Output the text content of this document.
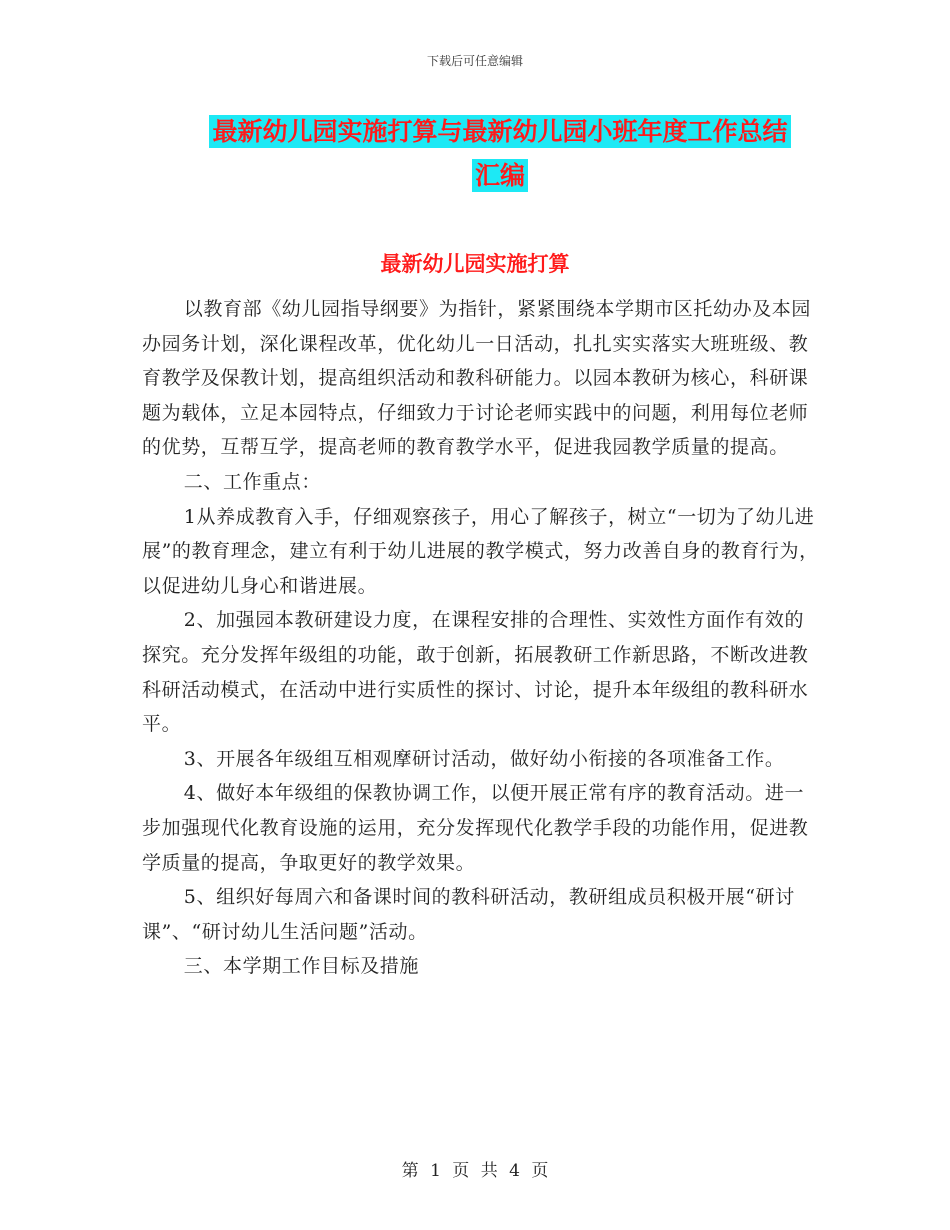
下载后可任意编辑
最新幼儿园实施打算与最新幼儿园小班年度工作总结
汇编
最新幼儿园实施打算

以教育部《幼儿园指导纲要》为指针，紧紧围绕本学期市区托幼办及本园办园务计划，深化课程改革，优化幼儿一日活动，扎扎实实落实大班班级、教育教学及保教计划，提高组织活动和教科研能力。以园本教研为核心，科研课题为载体，立足本园特点，仔细致力于讨论老师实践中的问题，利用每位老师的优势，互帮互学，提高老师的教育教学水平，促进我园教学质量的提高。

二、工作重点：

1从养成教育入手，仔细观察孩子，用心了解孩子，树立“一切为了幼儿进展”的教育理念，建立有利于幼儿进展的教学模式，努力改善自身的教育行为，以促进幼儿身心和谐进展。

2、加强园本教研建设力度，在课程安排的合理性、实效性方面作有效的探究。充分发挥年级组的功能，敢于创新，拓展教研工作新思路，不断改进教科研活动模式，在活动中进行实质性的探讨、讨论，提升本年级组的教科研水平。

3、开展各年级组互相观摩研讨活动，做好幼小衔接的各项准备工作。

4、做好本年级组的保教协调工作，以便开展正常有序的教育活动。进一步加强现代化教育设施的运用，充分发挥现代化教学手段的功能作用，促进教学质量的提高，争取更好的教学效果。

5、组织好每周六和备课时间的教科研活动，教研组成员积极开展“研讨课”、“研讨幼儿生活问题”活动。

三、本学期工作目标及措施

第 1 页 共 4 页
